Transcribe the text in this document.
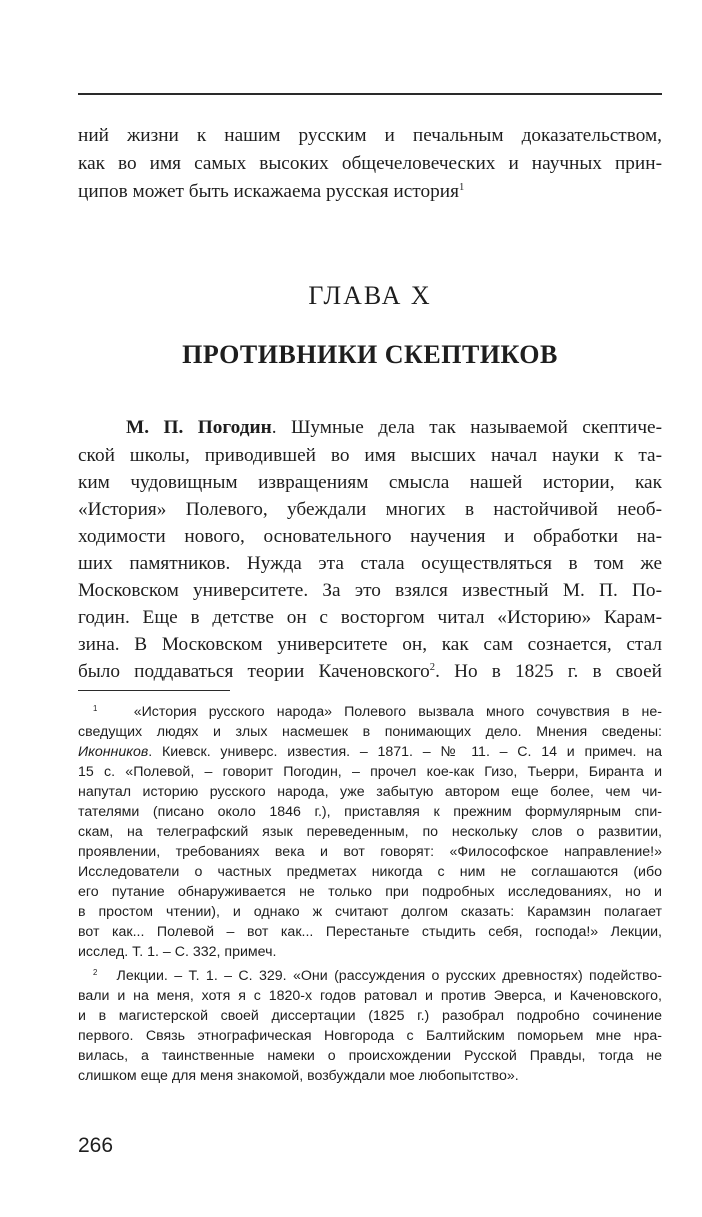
ний жизни к нашим русским и печальным доказательством,
как во имя самых высоких общечеловеческих и научных прин-
ципов может быть искажаема русская история$^1$
ГЛАВА X
ПРОТИВНИКИ СКЕПТИКОВ
М. П. Погодин. Шумные дела так называемой скептиче-
ской школы, приводившей во имя высших начал науки к та-
ким чудовищным извращениям смысла нашей истории, как
«История» Полевого, убеждали многих в настойчивой необ-
ходимости нового, основательного научения и обработки на-
ших памятников. Нужда эта стала осуществляться в том же
Московском университете. За это взялся известный М. П. По-
годин. Еще в детстве он с восторгом читал «Историю» Карам-
зина. В Московском университете он, как сам сознается, стал
было поддаваться теории Каченовского$^2$. Но в 1825 г. в своей
$^1$	«История русского народа» Полевого вызвала много сочувствия в не-
сведущих людях и злых насмешек в понимающих дело. Мнения сведены:
Иконников. Киевск. универс. известия. – 1871. – № 11. – С. 14 и примеч. на
15 с. «Полевой, – говорит Погодин, – прочел кое-как Гизо, Тьерри, Биранта и
напутал историю русского народа, уже забытую автором еще более, чем чи-
тателями (писано около 1846 г.), приставляя к прежним формулярным спи-
скам, на телеграфский язык переведенным, по нескольку слов о развитии,
проявлении, требованиях века и вот говорят: «Философское направление!»
Исследователи о частных предметах никогда с ним не соглашаются (ибо
его путание обнаруживается не только при подробных исследованиях, но и
в простом чтении), и однако ж считают долгом сказать: Карамзин полагает
вот как... Полевой – вот как... Перестаньте стыдить себя, господа!» Лекции,
исслед. Т. 1. – С. 332, примеч.
$^2$ Лекции. – Т. 1. – С. 329. «Они (рассуждения о русских древностях) подейство-
вали и на меня, хотя я с 1820-х годов ратовал и против Эверса, и Каченовского,
и в магистерской своей диссертации (1825 г.) разобрал подробно сочинение
первого. Связь этнографическая Новгорода с Балтийским поморьем мне нра-
вилась, а таинственные намеки о происхождении Русской Правды, тогда не
слишком еще для меня знакомой, возбуждали мое любопытство».
266
